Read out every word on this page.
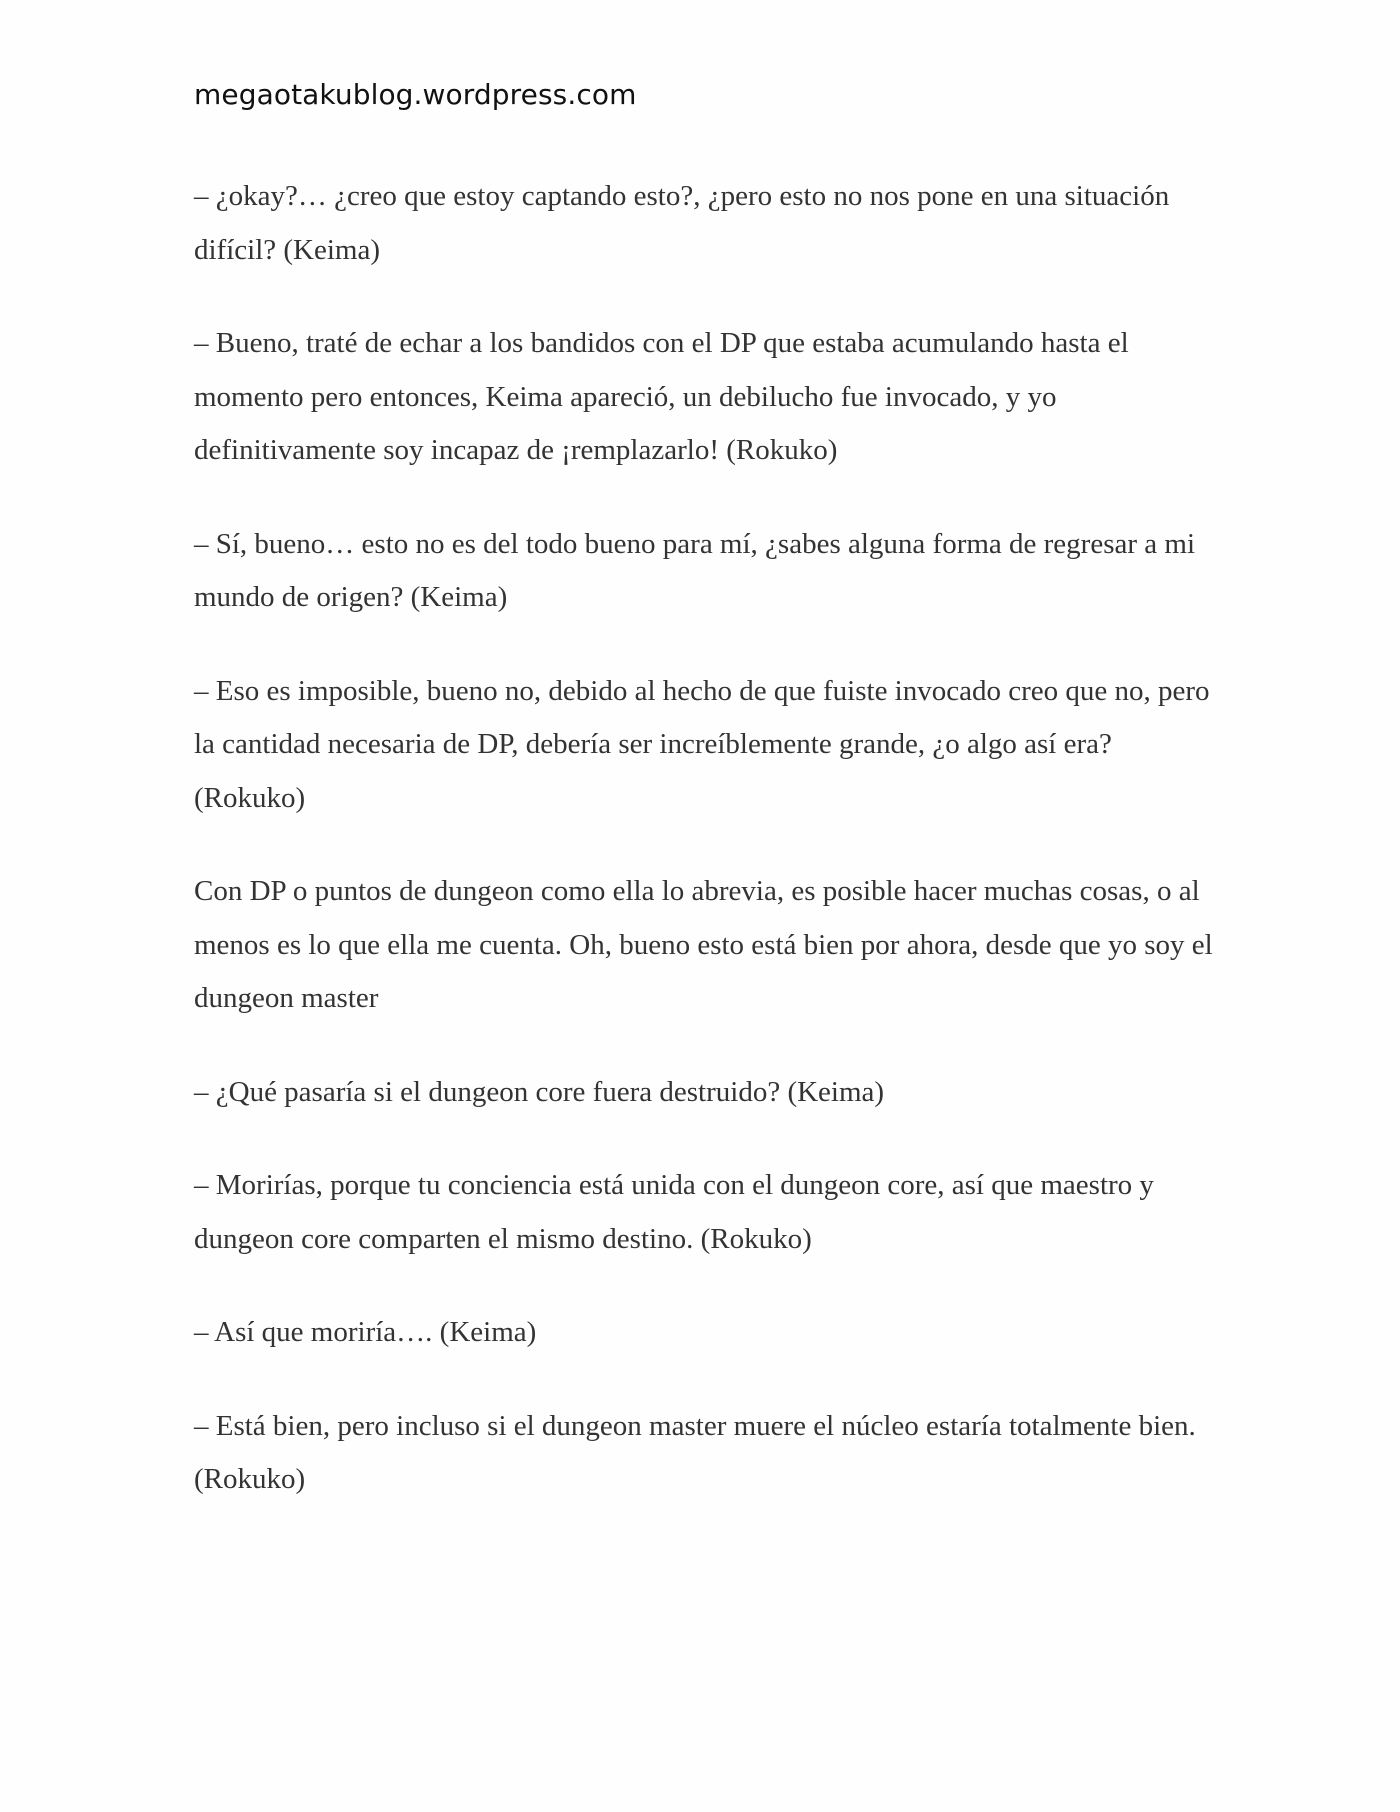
megaotakublog.wordpress.com

– ¿okay?… ¿creo que estoy captando esto?, ¿pero esto no nos pone en una situación difícil? (Keima)

– Bueno, traté de echar a los bandidos con el DP que estaba acumulando hasta el momento pero entonces, Keima apareció, un debilucho fue invocado, y yo definitivamente soy incapaz de ¡remplazarlo! (Rokuko)

– Sí, bueno… esto no es del todo bueno para mí, ¿sabes alguna forma de regresar a mi mundo de origen? (Keima)

– Eso es imposible, bueno no, debido al hecho de que fuiste invocado creo que no, pero la cantidad necesaria de DP, debería ser increíblemente grande, ¿o algo así era? (Rokuko)

Con DP o puntos de dungeon como ella lo abrevia, es posible hacer muchas cosas, o al menos es lo que ella me cuenta. Oh, bueno esto está bien por ahora, desde que yo soy el dungeon master

– ¿Qué pasaría si el dungeon core fuera destruido? (Keima)

– Morirías, porque tu conciencia está unida con el dungeon core, así que maestro y dungeon core comparten el mismo destino. (Rokuko)

– Así que moriría…. (Keima)

– Está bien, pero incluso si el dungeon master muere el núcleo estaría totalmente bien. (Rokuko)
